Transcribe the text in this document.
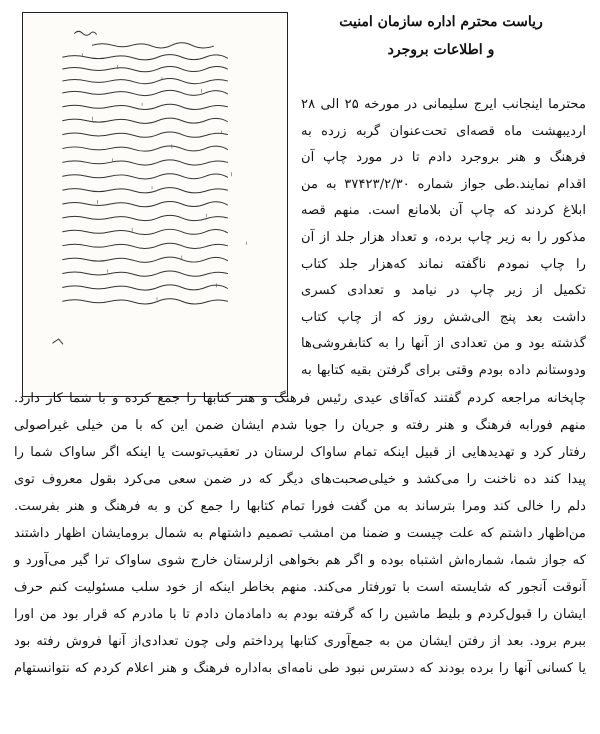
ریاست محترم اداره سازمان امنیت
و اطلاعات بروجرد
محترما اینجانب ایرج سلیمانی در مورخه ۲۵ الی ۲۸
اردیبهشت ماه قصه‌ای تحت‌عنوان گربه زرده به
فرهنگ و هنر بروجرد دادم تا در مورد چاپ آن
اقدام نمایند.طی جواز شماره ۳۷۴۲۳/۲/۳۰ به من
ابلاغ کردند که چاپ آن بلامانع است. منهم قصه
مذکور را به زیر چاپ برده، و تعداد هزار جلد از آن
را چاپ نمودم ناگفته نماند که‌هزار جلد کتاب
تکمیل از زیر چاپ در نیامد و تعدادی کسری
داشت بعد پنج الی‌شش روز که از چاپ کتاب
گذشته بود و من تعدادی از آنها را به کتابفروشی‌ها
ودوستانم داده بودم وقتی برای گرفتن بقیه کتابها به
چاپخانه مراجعه کردم گفتند که‌آقای عیدی رئیس فرهنگ و هنر کتابها را جمع کرده و با شما کار دارد.
منهم فورابه فرهنگ و هنر رفته و جریان را جویا شدم ایشان ضمن این که با من خیلی غیراصولی
رفتار کرد و تهدیدهایی از قبیل اینکه تمام ساواک لرستان در تعقیب‌توست یا اینکه اگر ساواک شما را
پیدا کند ده ناخنت را می‌کشد و خیلی‌صحبت‌های دیگر که در ضمن سعی می‌کرد بقول معروف توی
دلم را خالی کند ومرا بترساند به من گفت فورا تمام کتابها را جمع کن و به فرهنگ و هنر بفرست.
من‌اظهار داشتم که علت چیست و ضمنا من امشب تصمیم داشتهام به شمال برومایشان اظهار داشتند
که جواز شما، شماره‌اش اشتباه بوده و اگر هم بخواهی ازلرستان خارج شوی ساواک ترا گیر می‌آورد و
آنوقت آنجور که شایسته است با تورفتار می‌کند. منهم بخاطر اینکه از خود سلب مسئولیت کنم حرف
ایشان را قبول‌کردم و بلیط ماشین را که گرفته بودم به دامادمان دادم تا با مادرم که قرار بود من اورا
ببرم برود. بعد از رفتن ایشان من به جمع‌آوری کتابها پرداختم ولی چون تعدادی‌از آنها فروش رفته بود
یا کسانی آنها را برده بودند که دسترس نبود طی نامه‌ای به‌اداره فرهنگ و هنر اعلام کردم که نتوانستهام
